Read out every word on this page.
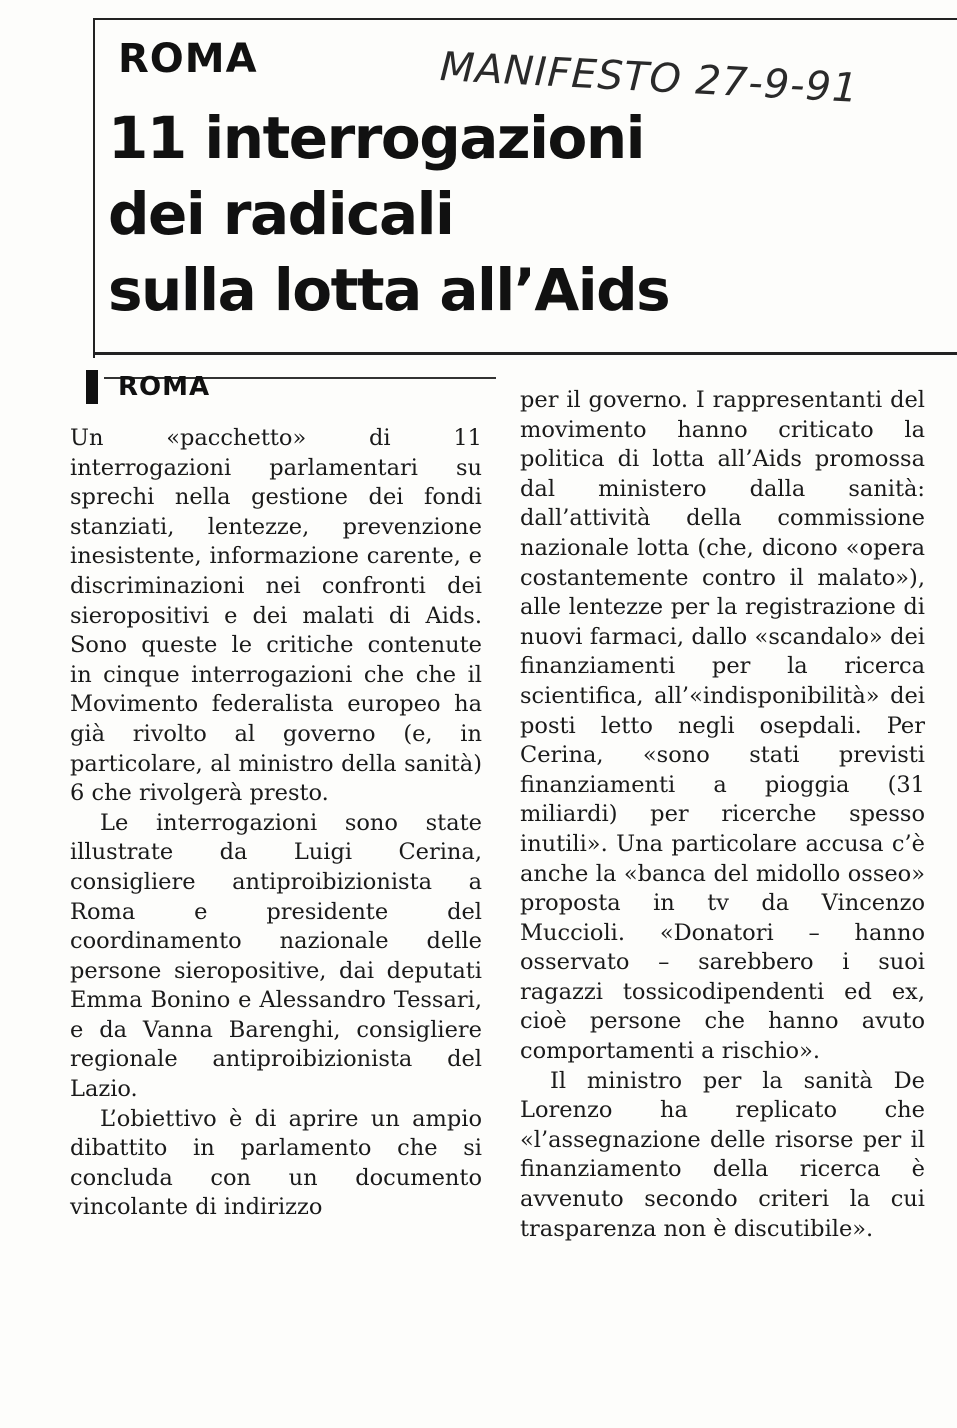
ROMA	MANIFESTO 27-9-91
11 interrogazioni
dei radicali
sulla lotta all’Aids
ROMA

Un «pacchetto» di 11 interrogazioni parlamentari su sprechi nella gestione dei fondi stanziati, lentezze, prevenzione inesistente, informazione carente, e discriminazioni nei confronti dei sieropositivi e dei malati di Aids. Sono queste le critiche contenute in cinque interrogazioni che che il Movimento federalista europeo ha già rivolto al governo (e, in particolare, al ministro della sanità) 6 che rivolgerà presto.

Le interrogazioni sono state illustrate da Luigi Cerina, consigliere antiproibizionista a Roma e presidente del coordinamento nazionale delle persone sieropositive, dai deputati Emma Bonino e Alessandro Tessari, e da Vanna Barenghi, consigliere regionale antiproibizionista del Lazio.

L’obiettivo è di aprire un ampio dibattito in parlamento che si concluda con un documento vincolante di indirizzo

per il governo. I rappresentanti del movimento hanno criticato la politica di lotta all’Aids promossa dal ministero dalla sanità: dall’attività della commissione nazionale lotta (che, dicono «opera costantemente contro il malato»), alle lentezze per la registrazione di nuovi farmaci, dallo «scandalo» dei finanziamenti per la ricerca scientifica, all’«indisponibilità» dei posti letto negli osepdali. Per Cerina, «sono stati previsti finanziamenti a pioggia (31 miliardi) per ricerche spesso inutili». Una particolare accusa c’è anche la «banca del midollo osseo» proposta in tv da Vincenzo Muccioli. «Donatori – hanno osservato – sarebbero i suoi ragazzi tossicodipendenti ed ex, cioè persone che hanno avuto comportamenti a rischio».

Il ministro per la sanità De Lorenzo ha replicato che «l’assegnazione delle risorse per il finanziamento della ricerca è avvenuto secondo criteri la cui trasparenza non è discutibile».
